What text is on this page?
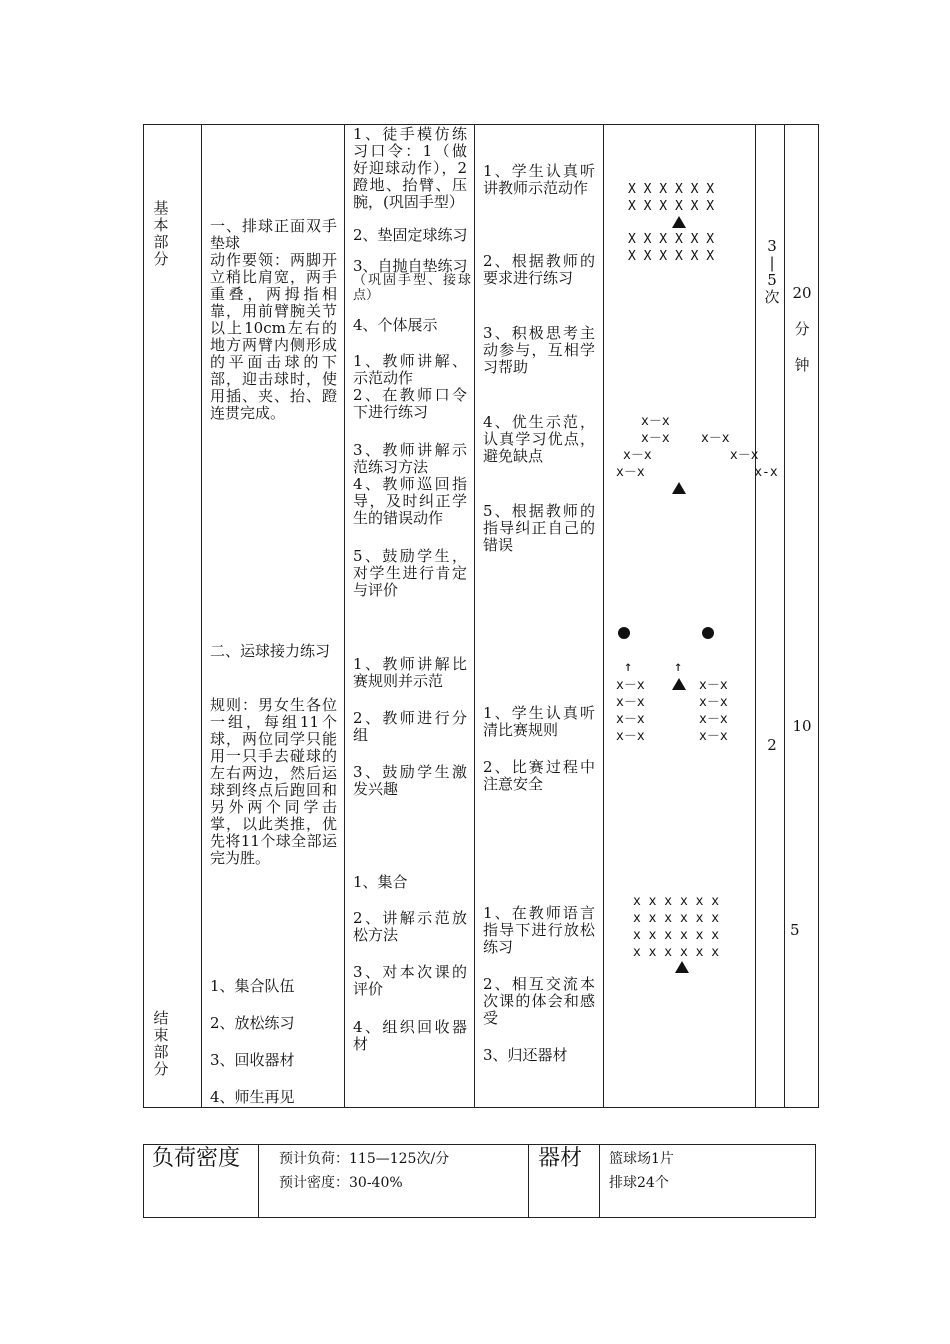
基本部分
结束部分
一、排球正面双手垫球
动作要领：两脚开立稍比肩宽，两手重叠，两拇指相靠，用前臂腕关节以上10cm左右的地方两臂内侧形成的平面击球的下部，迎击球时，使用插、夹、抬、蹬连贯完成。
二、运球接力练习
规则：男女生各位一组，每组11个球，两位同学只能用一只手去碰球的左右两边，然后运球到终点后跑回和另外两个同学击掌，以此类推，优先将11个球全部运完为胜。
1、集合队伍
2、放松练习
3、回收器材
4、师生再见
1、徒手模仿练习口令：1（做好迎球动作），2蹬地、抬臂、压腕，(巩固手型）
2、垫固定球练习
3、自抛自垫练习
（巩固手型、接球点）
4、个体展示
1、教师讲解、示范动作
2、在教师口令下进行练习
3、教师讲解示范练习方法
4、教师巡回指导，及时纠正学生的错误动作
5、鼓励学生，对学生进行肯定与评价
1、教师讲解比赛规则并示范
2、教师进行分组
3、鼓励学生激发兴趣
1、集合
2、讲解示范放松方法
3、对本次课的评价
4、组织回收器材
1、学生认真听讲教师示范动作
2、根据教师的要求进行练习
3、积极思考主动参与，互相学习帮助
4、优生示范，认真学习优点，避免缺点
5、根据教师的指导纠正自己的错误
1、学生认真听清比赛规则
2、比赛过程中注意安全
1、在教师语言指导下进行放松练习
2、相互交流本次课的体会和感受
3、归还器材
X X X X X X
X X X X X X
X X X X X X
X X X X X X
x－x
x－x    x－x
x－x          x－x
x－x              x-x
↑	↑
x－x
x－x
x－x
x－x
x－x
x－x
x－x
x－x
x x x x x x
x x x x x x
x x x x x x
x x x x x x
3
|
5
次
2
20
分
钟
10
5
负荷密度	预计负荷：115—125次/分
预计密度：30-40%
器材 篮球场1片
排球24个
